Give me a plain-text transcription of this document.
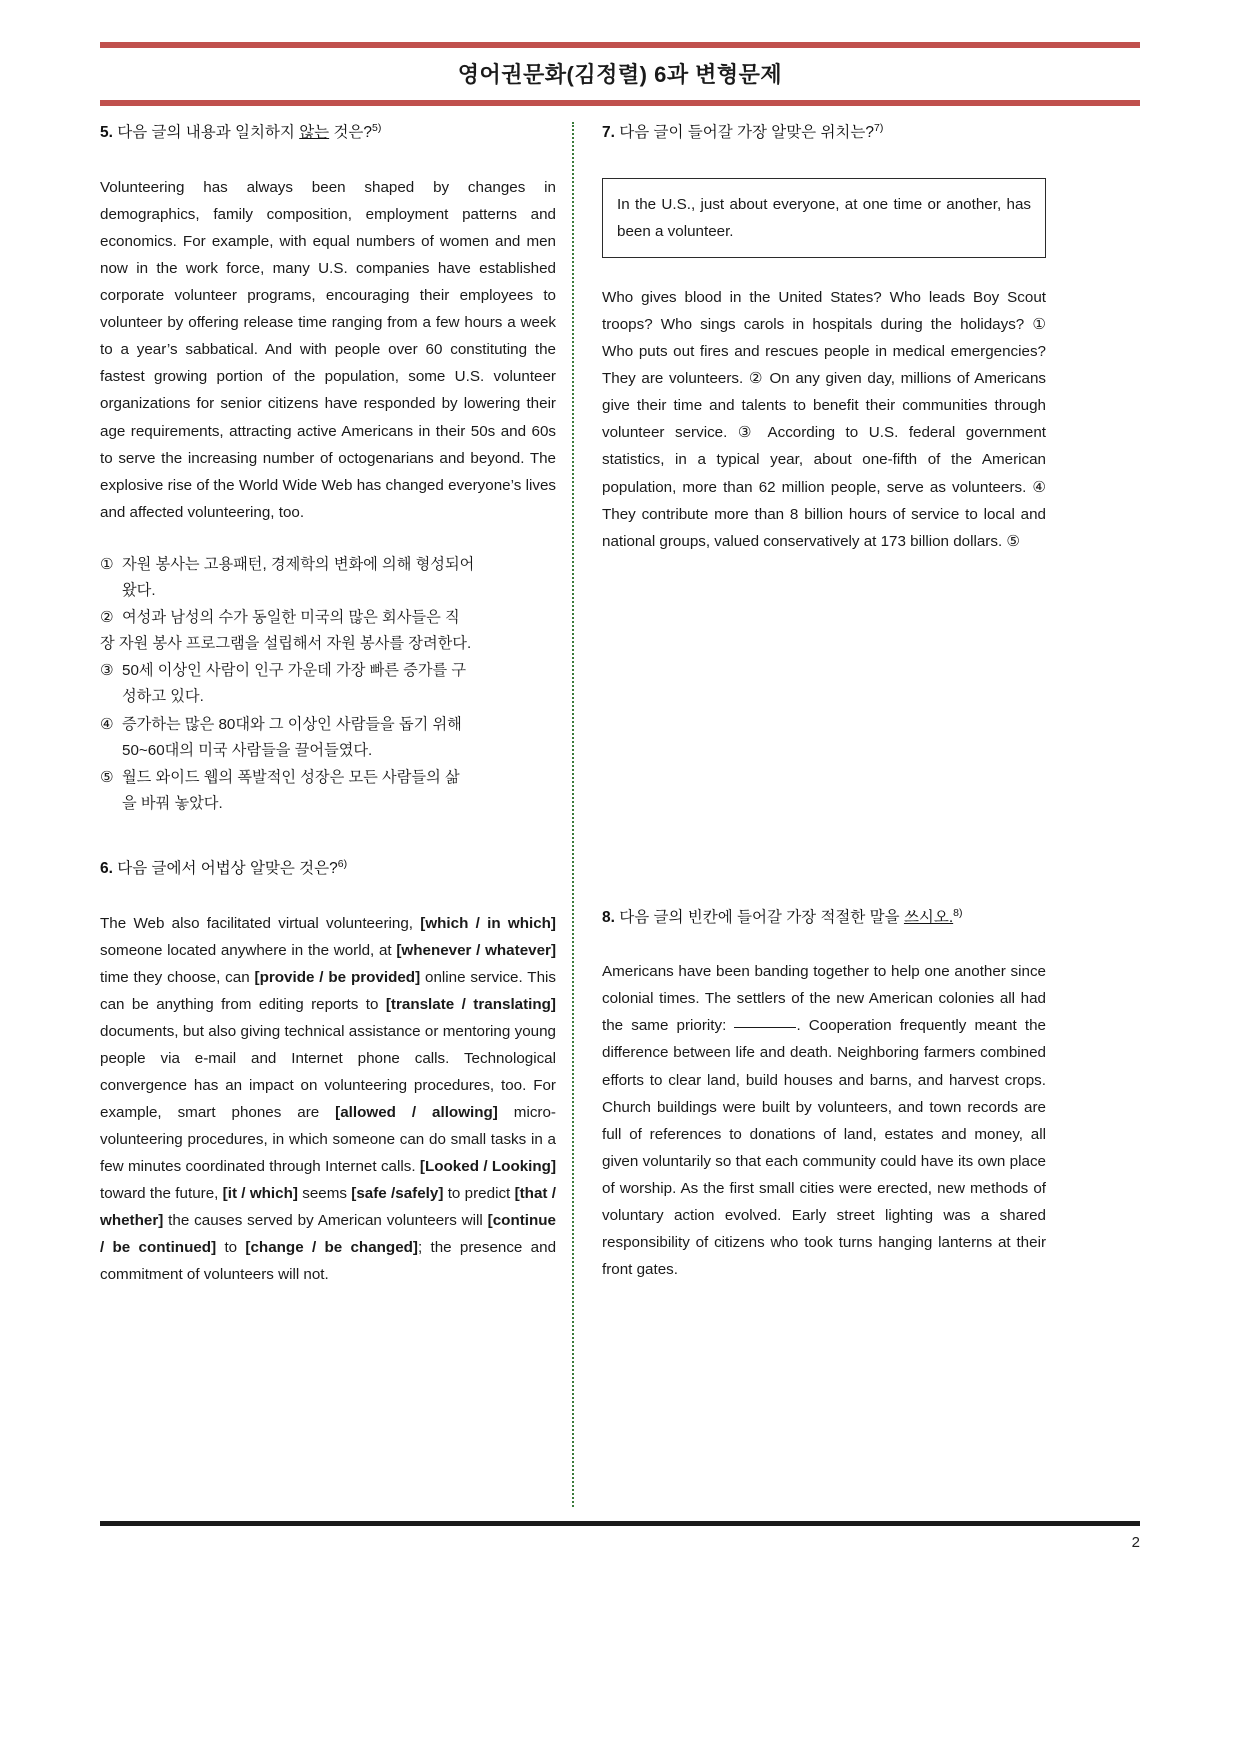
영어권문화(김정렬) 6과 변형문제
5. 다음 글의 내용과 일치하지 않는 것은?$^{5)}$

Volunteering has always been shaped by changes in demographics, family composition, employment patterns and economics. For example, with equal numbers of women and men now in the work force, many U.S. companies have established corporate volunteer programs, encouraging their employees to volunteer by offering release time ranging from a few hours a week to a year’s sabbatical. And with people over 60 constituting the fastest growing portion of the population, some U.S. volunteer organizations for senior citizens have responded by lowering their age requirements, attracting active Americans in their 50s and 60s to serve the increasing number of octogenarians and beyond. The explosive rise of the World Wide Web has changed everyone’s lives and affected volunteering, too.

① 자원 봉사는 고용패턴, 경제학의 변화에 의해 형성되어
왔다.
② 여성과 남성의 수가 동일한 미국의 많은 회사들은 직
장 자원 봉사 프로그램을 설립해서 자원 봉사를 장려한다.
③ 50세 이상인 사람이 인구 가운데 가장 빠른 증가를 구
성하고 있다.
④ 증가하는 많은 80대와 그 이상인 사람들을 돕기 위해
50~60대의 미국 사람들을 끌어들였다.
⑤ 월드 와이드 웹의 폭발적인 성장은 모든 사람들의 삶
을 바꿔 놓았다.
6. 다음 글에서 어법상 알맞은 것은?$^{6)}$

The Web also facilitated virtual volunteering, [which / in which] someone located anywhere in the world, at [whenever / whatever] time they choose, can [provide / be provided] online service. This can be anything from editing reports to [translate / translating] documents, but also giving technical assistance or mentoring young people via e-mail and Internet phone calls. Technological convergence has an impact on volunteering procedures, too. For example, smart phones are [allowed / allowing] micro-volunteering procedures, in which someone can do small tasks in a few minutes coordinated through Internet calls. [Looked / Looking] toward the future, [it / which] seems [safe /safely] to predict [that / whether] the causes served by American volunteers will [continue / be continued] to [change / be changed]; the presence and commitment of volunteers will not.

7. 다음 글이 들어갈 가장 알맞은 위치는?$^{7)}$
In the U.S., just about everyone, at one time or another, has been a volunteer.

Who gives blood in the United States? Who leads Boy Scout troops? Who sings carols in hospitals during the holidays? ① Who puts out fires and rescues people in medical emergencies? They are volunteers. ② On any given day, millions of Americans give their time and talents to benefit their communities through volunteer service. ③ According to U.S. federal government statistics, in a typical year, about one-fifth of the American population, more than 62 million people, serve as volunteers. ④ They contribute more than 8 billion hours of service to local and national groups, valued conservatively at 173 billion dollars. ⑤

8. 다음 글의 빈칸에 들어갈 가장 적절한 말을 쓰시오.$^{8)}$

Americans have been banding together to help one another since colonial times. The settlers of the new American colonies all had the same priority:	. Cooperation frequently meant the difference between life and death. Neighboring farmers combined efforts to clear land, build houses and barns, and harvest crops. Church buildings were built by volunteers, and town records are full of references to donations of land, estates and money, all given voluntarily so that each community could have its own place of worship. As the first small cities were erected, new methods of voluntary action evolved. Early street lighting was a shared responsibility of citizens who took turns hanging lanterns at their front gates.

2
